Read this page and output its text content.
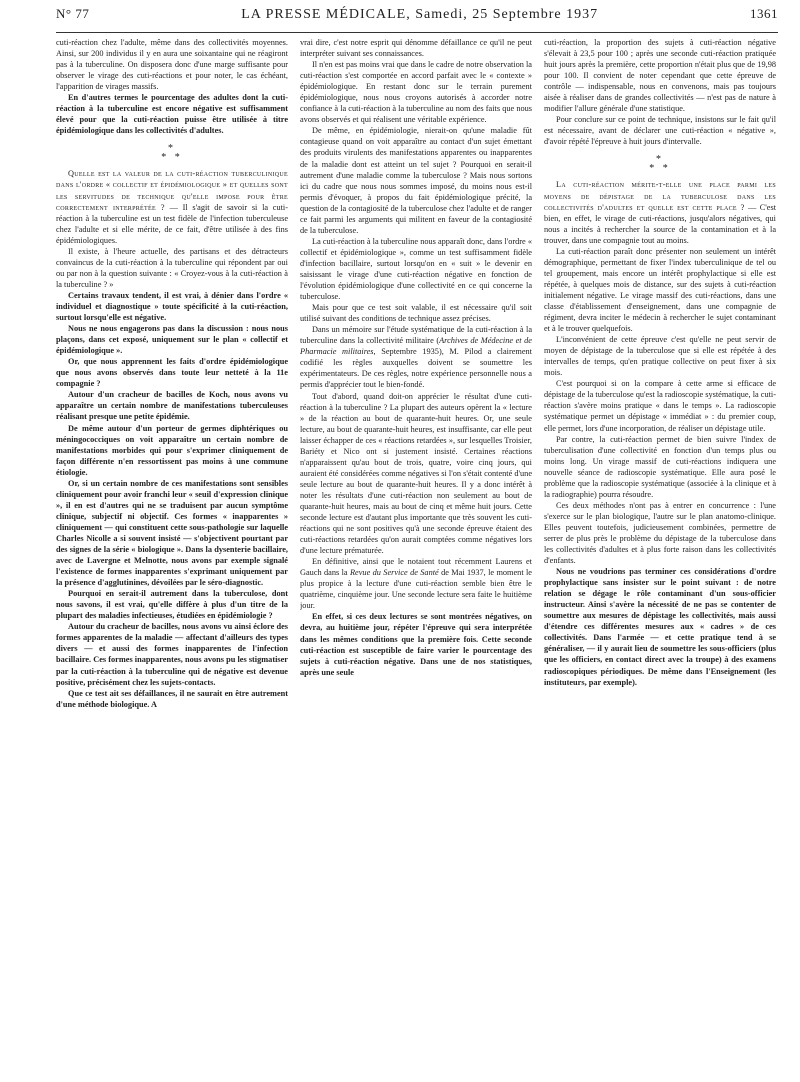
N° 77	LA PRESSE MÉDICALE, Samedi, 25 Septembre 1937	1361

cuti-réaction chez l'adulte, même dans des collectivités moyennes. Ainsi, sur 200 individus il y en aura une soixantaine qui ne réagiront pas à la tuberculine. On disposera donc d'une marge suffisante pour observer le virage des cuti-réactions et pour noter, le cas échéant, l'apparition de virages massifs.

En d'autres termes le pourcentage des adultes dont la cuti-réaction à la tuberculine est encore négative est suffisamment élevé pour que la cuti-réaction puisse être utilisée à titre épidémiologique dans les collectivités d'adultes.

*
* *

Quelle est la valeur de la cuti-réaction tuberculinique dans l'ordre « collectif et épidémiologique » et quelles sont les servitudes de technique qu'elle impose pour être correctement interprétée ? — Il s'agit de savoir si la cuti-réaction à la tuberculine est un test fidèle de l'infection tuberculeuse chez l'adulte et si elle mérite, de ce fait, d'être utilisée à des fins épidémiologiques.

Il existe, à l'heure actuelle, des partisans et des détracteurs convaincus de la cuti-réaction à la tuberculine qui répondent par oui ou par non à la question suivante : « Croyez-vous à la cuti-réaction à la tuberculine ? »

Certains travaux tendent, il est vrai, à dénier dans l'ordre « individuel et diagnostique » toute spécificité à la cuti-réaction, surtout lorsqu'elle est négative.

Nous ne nous engagerons pas dans la discussion : nous nous plaçons, dans cet exposé, uniquement sur le plan « collectif et épidémiologique ».

Or, que nous apprennent les faits d'ordre épidémiologique que nous avons observés dans toute leur netteté à la 11e compagnie ?

Autour d'un cracheur de bacilles de Koch, nous avons vu apparaître un certain nombre de manifestations tuberculeuses réalisant presque une petite épidémie.

De même autour d'un porteur de germes diphtériques ou méningococciques on voit apparaître un certain nombre de manifestations morbides qui pour s'exprimer cliniquement de façon différente n'en ressortissent pas moins à une commune étiologie.

Or, si un certain nombre de ces manifestations sont sensibles cliniquement pour avoir franchi leur « seuil d'expression clinique », il en est d'autres qui ne se traduisent par aucun symptôme clinique, subjectif ni objectif. Ces formes « inapparentes » cliniquement — qui constituent cette sous-pathologie sur laquelle Charles Nicolle a si souvent insisté — s'objectivent pourtant par des signes de la série « biologique ». Dans la dysenterie bacillaire, avec de Lavergne et Melnotte, nous avons par exemple signalé l'existence de formes inapparentes s'exprimant uniquement par la présence d'agglutinines, dévoilées par le séro-diagnostic.

Pourquoi en serait-il autrement dans la tuberculose, dont nous savons, il est vrai, qu'elle diffère à plus d'un titre de la plupart des maladies infectieuses, étudiées en épidémiologie ?

Autour du cracheur de bacilles, nous avons vu ainsi éclore des formes apparentes de la maladie — affectant d'ailleurs des types divers — et aussi des formes inapparentes de l'infection bacillaire. Ces formes inapparentes, nous avons pu les stigmatiser par la cuti-réaction à la tuberculine qui de négative est devenue positive, précisément chez les sujets-contacts.

Que ce test ait ses défaillances, il ne saurait en être autrement d'une méthode biologique. A

vrai dire, c'est notre esprit qui dénomme défaillance ce qu'il ne peut interpréter suivant ses connaissances.

Il n'en est pas moins vrai que dans le cadre de notre observation la cuti-réaction s'est comportée en accord parfait avec le « contexte » épidémiologique. En restant donc sur le terrain purement épidémiologique, nous nous croyons autorisés à accorder notre confiance à la cuti-réaction à la tuberculine au nom des faits que nous avons observés et qui réalisent une véritable expérience.

De même, en épidémiologie, nierait-on qu'une maladie fût contagieuse quand on voit apparaître au contact d'un sujet émettant des produits virulents des manifestations apparentes ou inapparentes de la maladie dont est atteint un tel sujet ? Pourquoi en serait-il autrement d'une maladie comme la tuberculose ? Mais nous sortons ici du cadre que nous nous sommes imposé, du moins nous est-il permis d'évoquer, à propos du fait épidémiologique précité, la question de la contagiosité de la tuberculose chez l'adulte et de ranger ce fait parmi les arguments qui militent en faveur de la contagiosité de la tuberculose.

La cuti-réaction à la tuberculine nous apparaît donc, dans l'ordre « collectif et épidémiologique », comme un test suffisamment fidèle d'infection bacillaire, surtout lorsqu'on en « suit » le devenir en saisissant le virage d'une cuti-réaction négative en fonction de l'évolution épidémiologique d'une collectivité en ce qui concerne la tuberculose.

Mais pour que ce test soit valable, il est nécessaire qu'il soit utilisé suivant des conditions de technique assez précises.

Dans un mémoire sur l'étude systématique de la cuti-réaction à la tuberculine dans la collectivité militaire (Archives de Médecine et de Pharmacie militaires, Septembre 1935), M. Pilod a clairement codifié les règles auxquelles doivent se soumettre les expérimentateurs. De ces règles, notre expérience personnelle nous a permis d'apprécier tout le bien-fondé.

Tout d'abord, quand doit-on apprécier le résultat d'une cuti-réaction à la tuberculine ? La plupart des auteurs opèrent la « lecture » de la réaction au bout de quarante-huit heures. Or, une seule lecture, au bout de quarante-huit heures, est insuffisante, car elle peut laisser échapper de ces « réactions retardées », sur lesquelles Troisier, Bariéty et Nico ont si justement insisté. Certaines réactions n'apparaissent qu'au bout de trois, quatre, voire cinq jours, qui auraient été considérées comme négatives si l'on s'était contenté d'une seule lecture au bout de quarante-huit heures. Il y a donc intérêt à noter les résultats d'une cuti-réaction non seulement au bout de quarante-huit heures, mais au bout de cinq et même huit jours. Cette seconde lecture est d'autant plus importante que très souvent les cuti-réactions qui ne sont positives qu'à une seconde épreuve étaient des cuti-réactions retardées qu'on aurait comptées comme négatives lors d'une lecture prématurée.

En définitive, ainsi que le notaient tout récemment Laurens et Gauch dans la Revue du Service de Santé de Mai 1937, le moment le plus propice à la lecture d'une cuti-réaction semble bien être le quatrième, cinquième jour. Une seconde lecture sera faite le huitième jour.

En effet, si ces deux lectures se sont montrées négatives, on devra, au huitième jour, répéter l'épreuve qui sera interprétée dans les mêmes conditions que la première fois. Cette seconde cuti-réaction est susceptible de faire varier le pourcentage des sujets à cuti-réaction négative. Dans une de nos statistiques, après une seule

cuti-réaction, la proportion des sujets à cuti-réaction négative s'élevait à 23,5 pour 100 ; après une seconde cuti-réaction pratiquée huit jours après la première, cette proportion n'était plus que de 19,98 pour 100. Il convient de noter cependant que cette épreuve de contrôle — indispensable, nous en convenons, mais pas toujours aisée à réaliser dans de grandes collectivités — n'est pas de nature à modifier l'allure générale d'une statistique.

Pour conclure sur ce point de technique, insistons sur le fait qu'il est nécessaire, avant de déclarer une cuti-réaction « négative », d'avoir répété l'épreuve à huit jours d'intervalle.

*
* *

La cuti-réaction mérite-t-elle une place parmi les moyens de dépistage de la tuberculose dans les collectivités d'adultes et quelle est cette place ? — C'est bien, en effet, le virage de cuti-réactions, jusqu'alors négatives, qui nous a incités à rechercher la source de la contamination et à la trouver, dans une compagnie tout au moins.

La cuti-réaction paraît donc présenter non seulement un intérêt démographique, permettant de fixer l'index tuberculinique de tel ou tel groupement, mais encore un intérêt prophylactique si elle est répétée, à quelques mois de distance, sur des sujets à cuti-réaction initialement négative. Le virage massif des cuti-réactions, dans une classe d'établissement d'enseignement, dans une compagnie de régiment, devra inciter le médecin à rechercher le sujet contaminant et à le trouver quelquefois.

L'inconvénient de cette épreuve c'est qu'elle ne peut servir de moyen de dépistage de la tuberculose que si elle est répétée à des intervalles de temps, qu'en pratique collective on peut fixer à six mois.

C'est pourquoi si on la compare à cette arme si efficace de dépistage de la tuberculose qu'est la radioscopie systématique, la cuti-réaction s'avère moins pratique « dans le temps ». La radioscopie systématique permet un dépistage « immédiat » : du premier coup, elle permet, lors d'une incorporation, de réaliser un dépistage utile.

Par contre, la cuti-réaction permet de bien suivre l'index de tuberculisation d'une collectivité en fonction d'un temps plus ou moins long. Un virage massif de cuti-réactions indiquera une nouvelle séance de radioscopie systématique. Elle aura posé le problème que la radioscopie systématique (associée à la clinique et à la radiographie) pourra résoudre.

Ces deux méthodes n'ont pas à entrer en concurrence : l'une s'exerce sur le plan biologique, l'autre sur le plan anatomo-clinique. Elles peuvent toutefois, judicieusement combinées, permettre de serrer de plus près le problème du dépistage de la tuberculose dans les collectivités d'adultes et à plus forte raison dans les collectivités d'enfants.

Nous ne voudrions pas terminer ces considérations d'ordre prophylactique sans insister sur le point suivant : de notre relation se dégage le rôle contaminant d'un sous-officier instructeur. Ainsi s'avère la nécessité de ne pas se contenter de soumettre aux mesures de dépistage les collectivités, mais aussi d'étendre ces différentes mesures aux « cadres » de ces collectivités. Dans l'armée — et cette pratique tend à se généraliser, — il y aurait lieu de soumettre les sous-officiers (plus que les officiers, en contact direct avec la troupe) à des examens radioscopiques périodiques. De même dans l'Enseignement (les instituteurs, par exemple).
